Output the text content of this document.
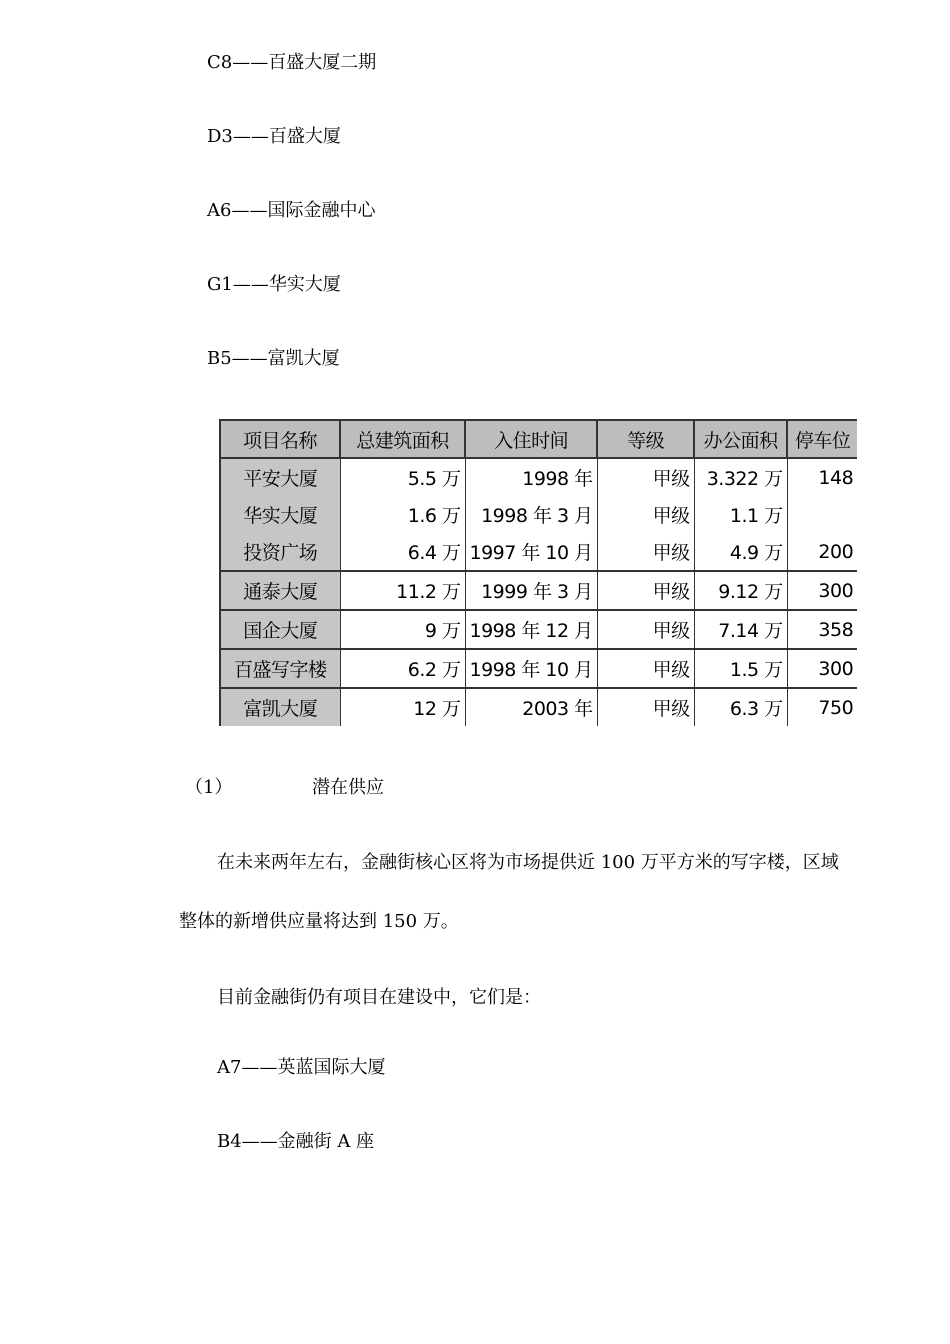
C8——百盛大厦二期
D3——百盛大厦
A6——国际金融中心
G1——华实大厦
B5——富凯大厦
项目名称	总建筑面积	入住时间	等级	办公面积	停车位
平安大厦	5.5 万	1998 年	甲级	3.322 万	148
华实大厦	1.6 万	1998 年 3 月	甲级	1.1 万	
投资广场	6.4 万	1997 年 10 月	甲级	4.9 万	200
通泰大厦	11.2 万	1999 年 3 月	甲级	9.12 万	300
国企大厦	9 万	1998 年 12 月	甲级	7.14 万	358
百盛写字楼	6.2 万	1998 年 10 月	甲级	1.5 万	300
富凯大厦	12 万	2003 年	甲级	6.3 万	750
（1）	潜在供应
在未来两年左右，金融街核心区将为市场提供近 100 万平方米的写字楼，区域
整体的新增供应量将达到 150 万。
目前金融街仍有项目在建设中，它们是：
A7——英蓝国际大厦
B4——金融街 A 座
